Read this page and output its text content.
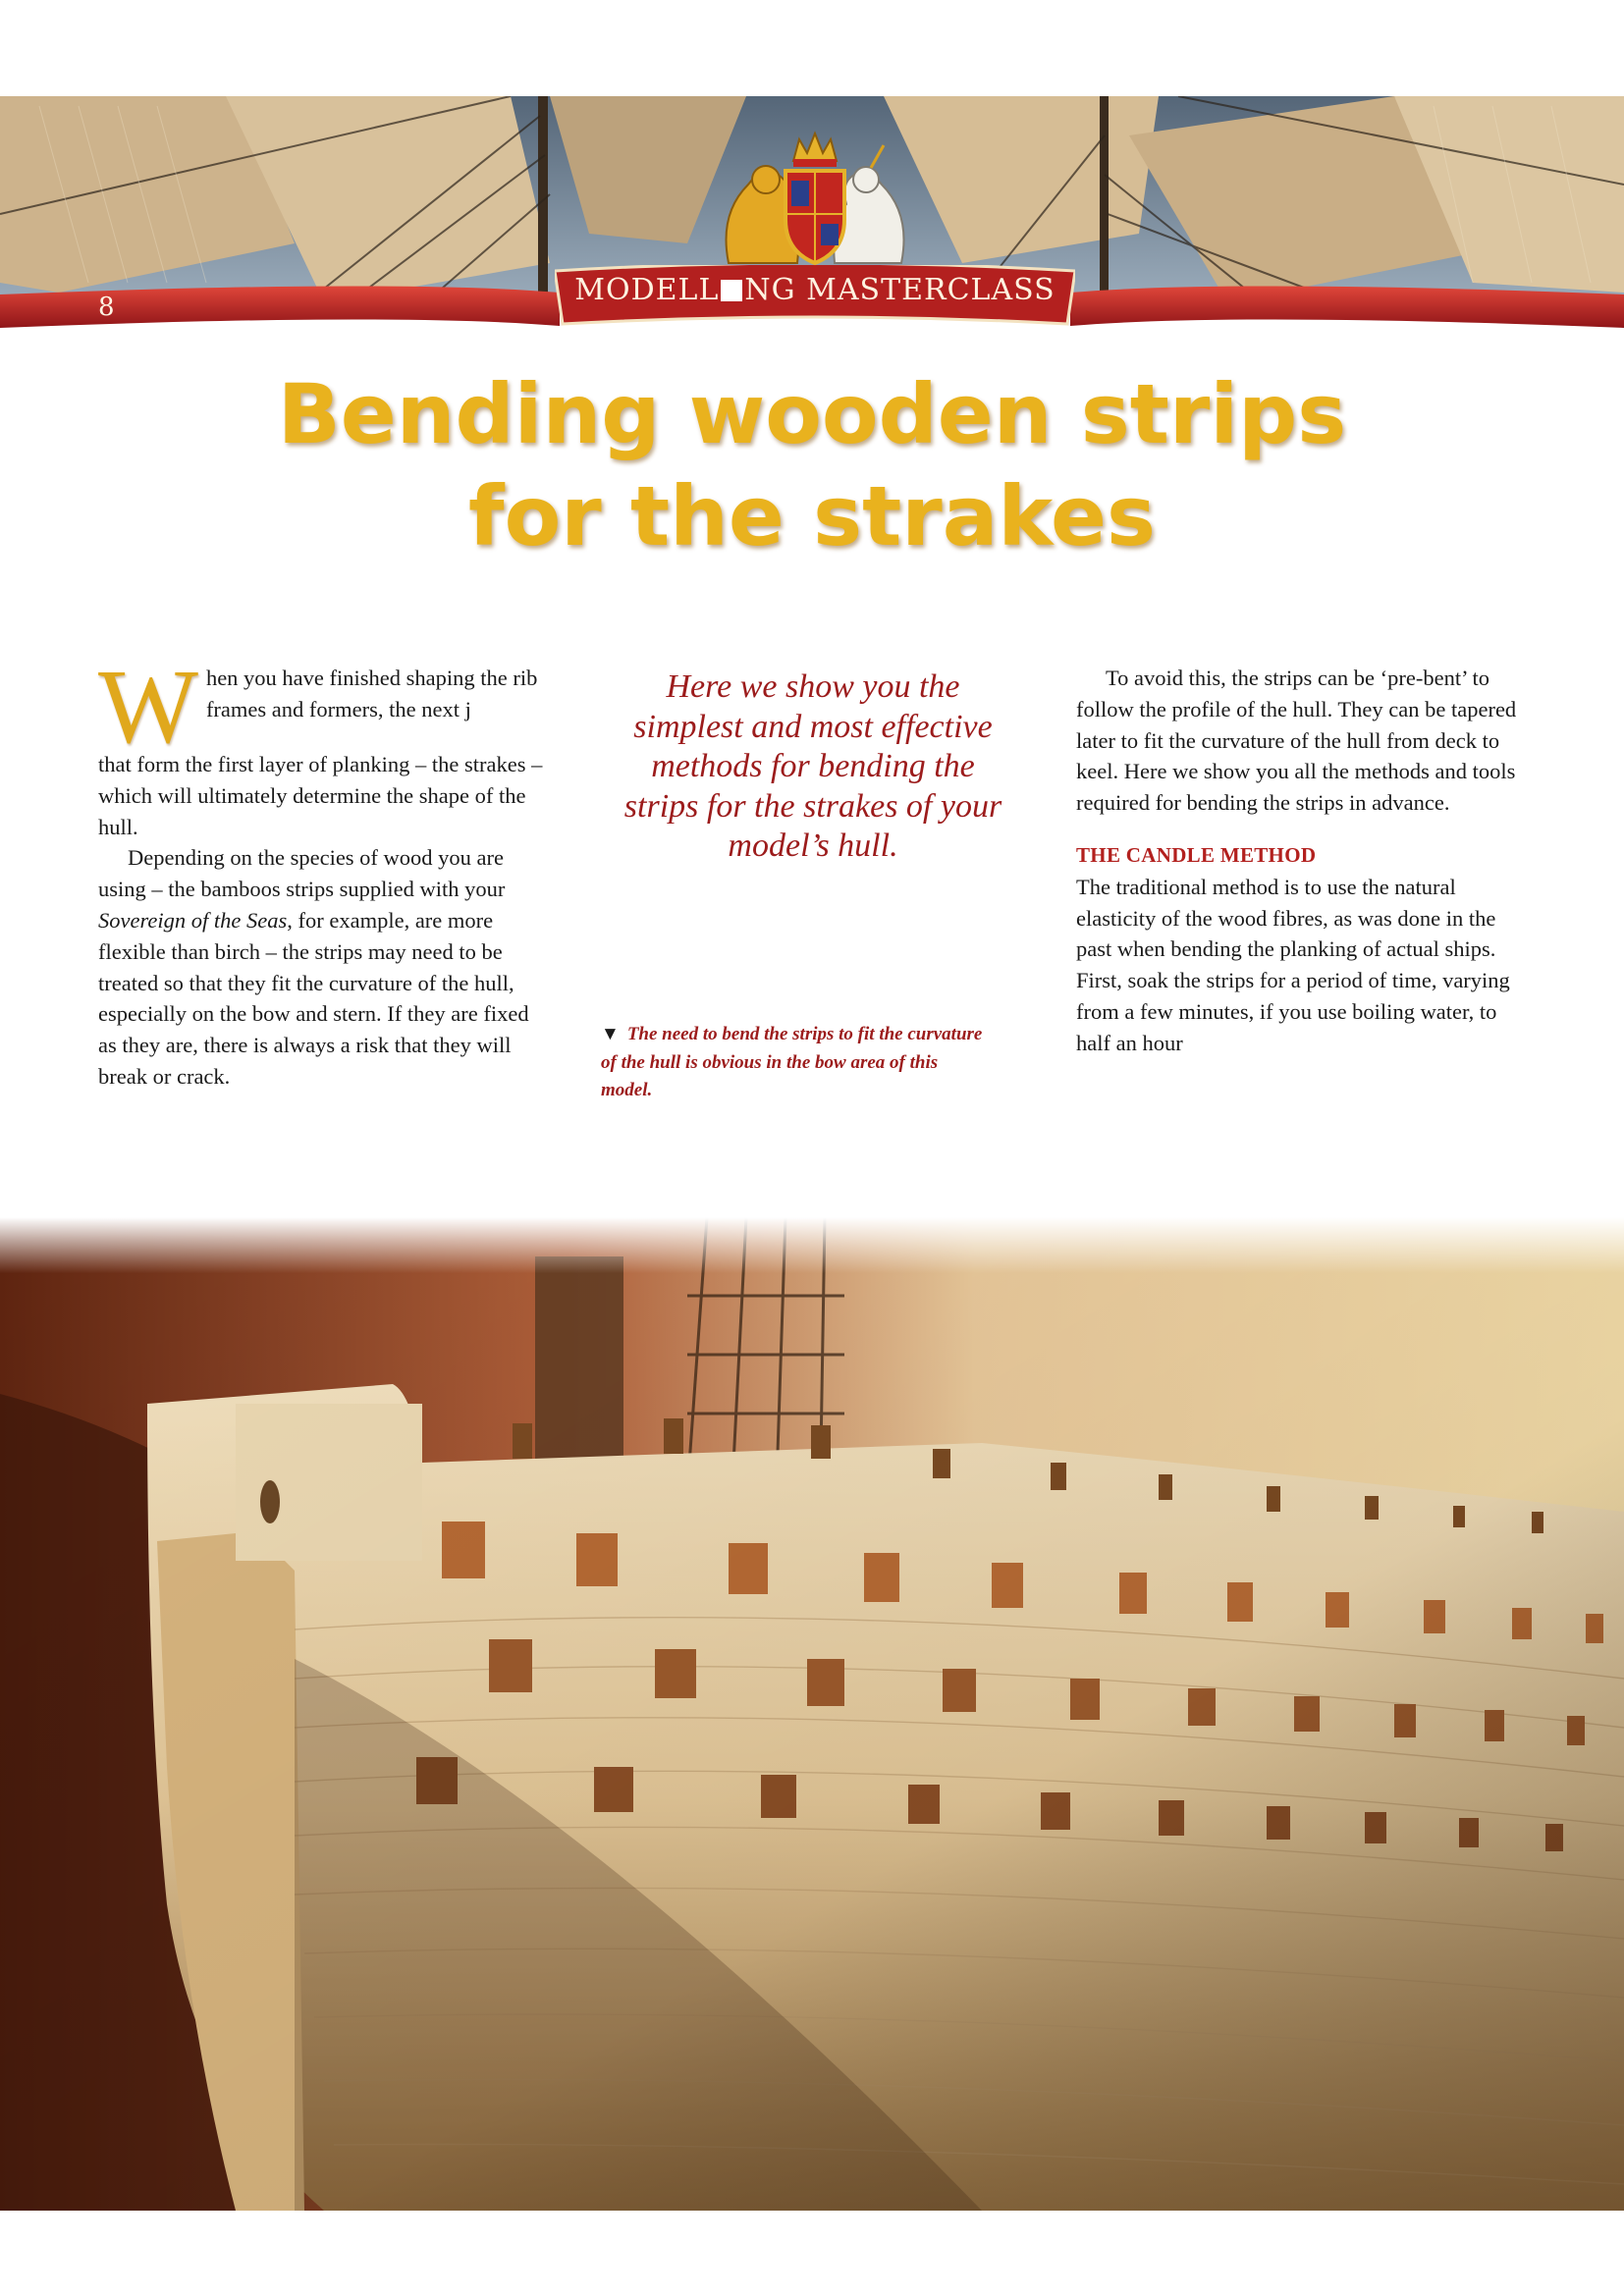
8	MODELL NG MASTERCLASS
Bending wooden strips
for the strakes

When you have finished shaping the rib frames and formers, the next j

that form the first layer of planking – the strakes – which will ultimately determine the shape of the hull.

Depending on the species of wood you are using – the bamboos strips supplied with your Sovereign of the Seas, for example, are more flexible than birch – the strips may need to be treated so that they fit the curvature of the hull, especially on the bow and stern. If they are fixed as they are, there is always a risk that they will break or crack.

Here we show you the simplest and most effective methods for bending the strips for the strakes of your model’s hull.
▼ The need to bend the strips to fit the curvature of the hull is obvious in the bow area of this model.

To avoid this, the strips can be ‘pre-bent’ to follow the profile of the hull. They can be tapered later to fit the curvature of the hull from deck to keel. Here we show you all the methods and tools required for bending the strips in advance.

THE CANDLE METHOD

The traditional method is to use the natural elasticity of the wood fibres, as was done in the past when bending the planking of actual ships. First, soak the strips for a period of time, varying from a few minutes, if you use boiling water, to half an hour
